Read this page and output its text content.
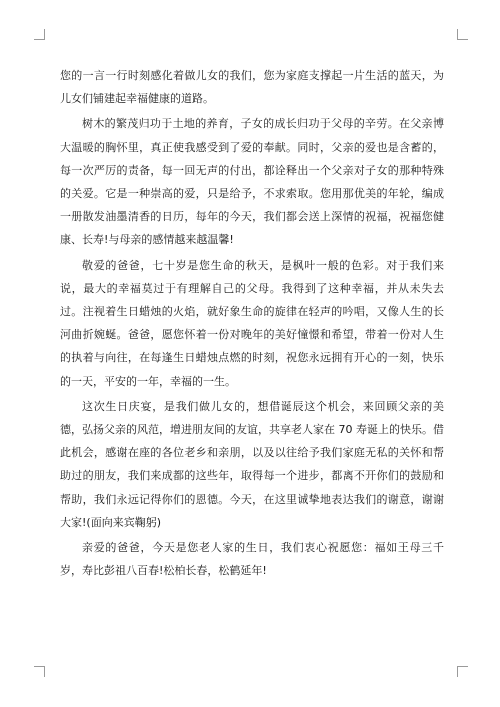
您的一言一行时刻感化着做儿女的我们，您为家庭支撑起一片生活的蓝天，为儿女们铺建起幸福健康的道路。

树木的繁茂归功于土地的养育，子女的成长归功于父母的辛劳。在父亲博大温暖的胸怀里，真正使我感受到了爱的奉献。同时，父亲的爱也是含蓄的，每一次严厉的责备，每一回无声的付出，都诠释出一个父亲对子女的那种特殊的关爱。它是一种崇高的爱，只是给予，不求索取。您用那优美的年轮，编成一册散发油墨清香的日历，每年的今天，我们都会送上深情的祝福，祝福您健康、长寿!与母亲的感情越来越温馨!

敬爱的爸爸，七十岁是您生命的秋天，是枫叶一般的色彩。对于我们来说，最大的幸福莫过于有理解自己的父母。我得到了这种幸福，并从未失去过。注视着生日蜡烛的火焰，就好象生命的旋律在轻声的吟唱，又像人生的长河曲折婉蜒。爸爸，愿您怀着一份对晚年的美好憧憬和希望，带着一份对人生的执着与向往，在每逢生日蜡烛点燃的时刻，祝您永远拥有开心的一刻，快乐的一天，平安的一年，幸福的一生。

这次生日庆宴，是我们做儿女的，想借诞辰这个机会，来回顾父亲的美德，弘扬父亲的风范，增进朋友间的友谊，共享老人家在 70 寿诞上的快乐。借此机会，感谢在座的各位老乡和亲朋，以及以往给予我们家庭无私的关怀和帮助过的朋友，我们来成都的这些年，取得每一个进步，都离不开你们的鼓励和帮助，我们永远记得你们的恩德。今天，在这里诚挚地表达我们的谢意，谢谢大家!(面向来宾鞠躬)

亲爱的爸爸，今天是您老人家的生日，我们衷心祝愿您：福如王母三千岁，寿比彭祖八百春!松柏长春，松鹤延年!
